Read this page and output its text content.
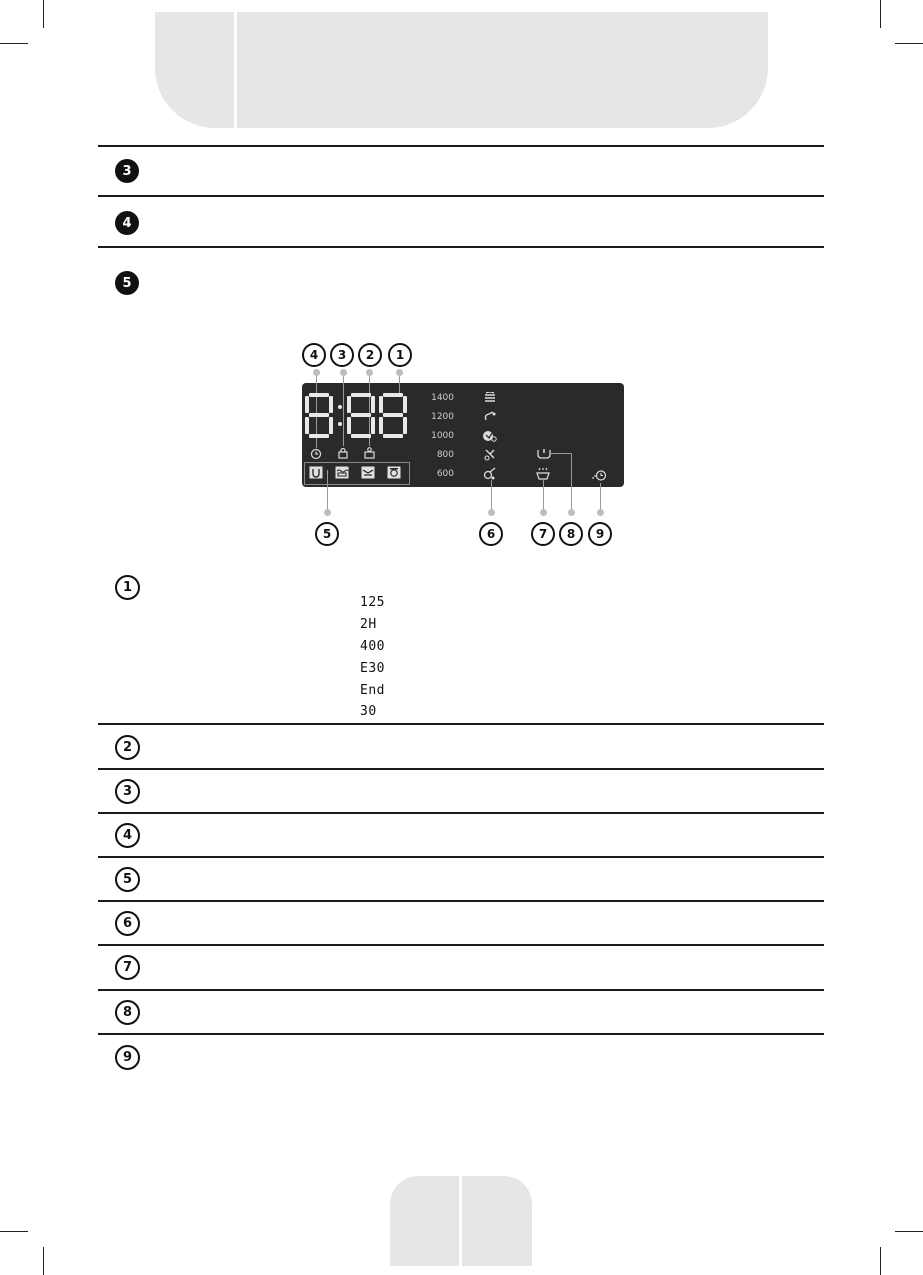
3
4
5
4	3	2	1
1400
1200
1000
800
600
5	6	7	8	9
1
125
2H
400
E30
End
30
2
3
4
5
6
7
8
9
